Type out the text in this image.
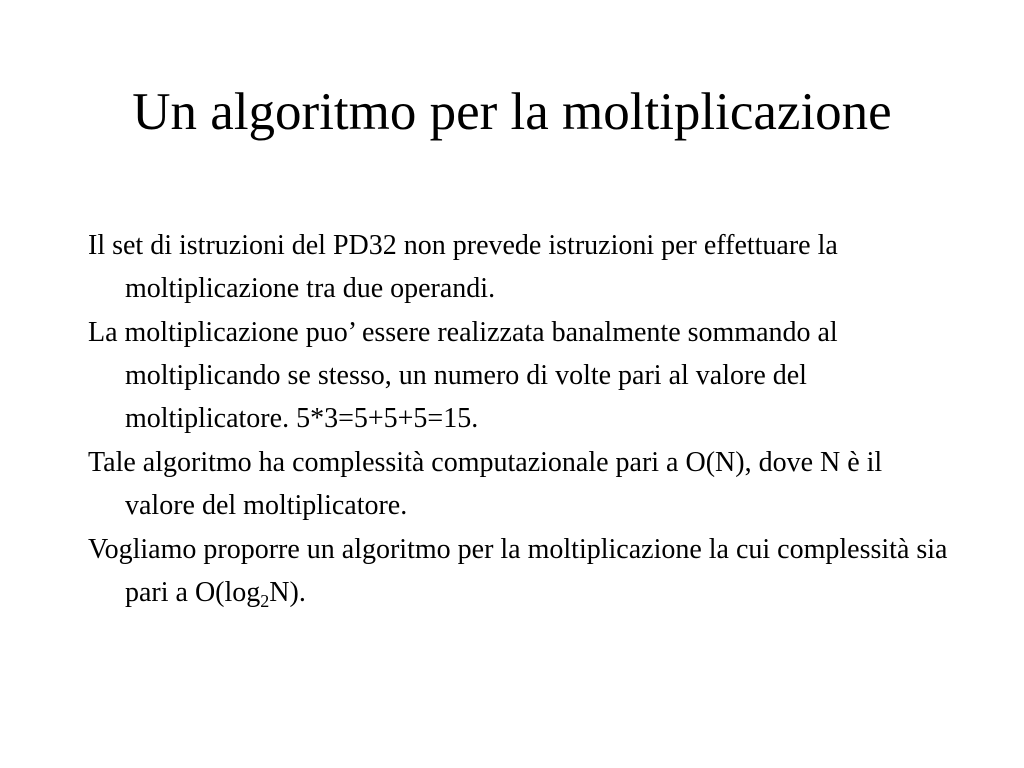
Un algoritmo per la moltiplicazione
Il set di istruzioni del PD32 non prevede istruzioni per effettuare la moltiplicazione tra due operandi.
La moltiplicazione puo’ essere realizzata banalmente sommando al moltiplicando se stesso, un numero di volte pari al valore del moltiplicatore. 5*3=5+5+5=15.
Tale algoritmo ha complessità computazionale pari a O(N), dove N è il valore del moltiplicatore.
Vogliamo proporre un algoritmo per la moltiplicazione la cui complessità sia pari a $O(\log_2N)$.
